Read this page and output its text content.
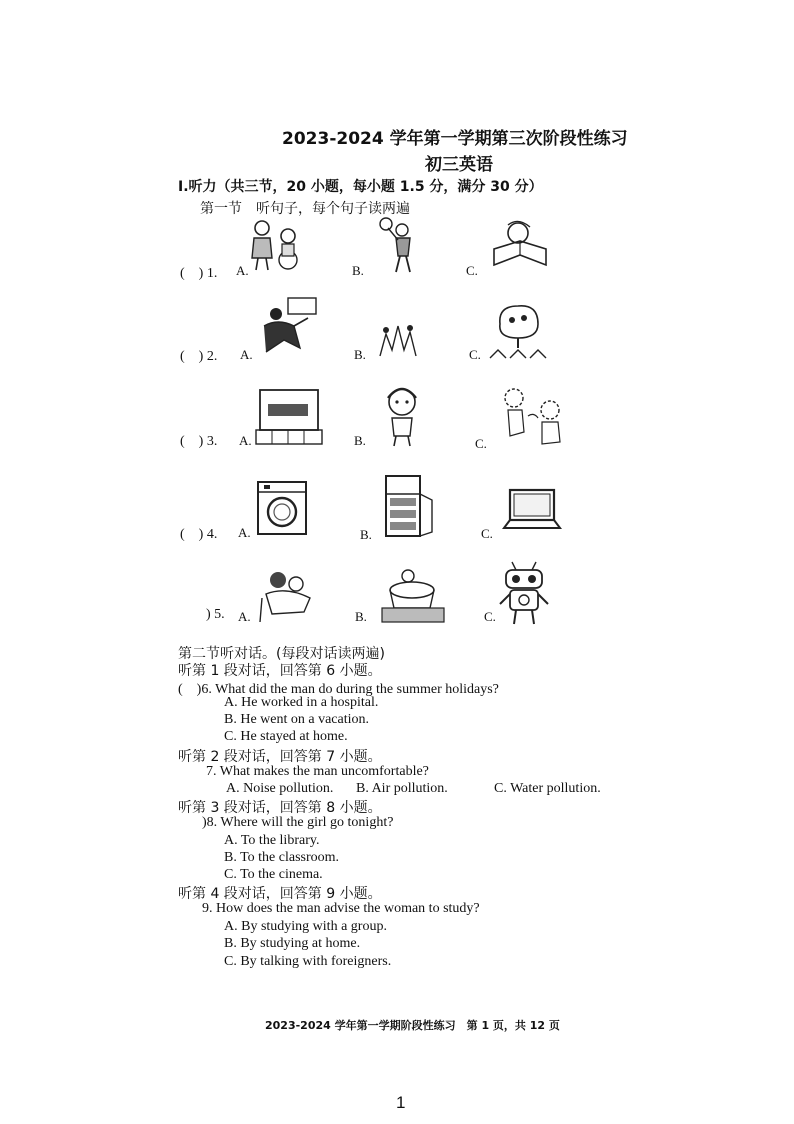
2023-2024 学年第一学期第三次阶段性练习
初三英语
Ⅰ.听力（共三节，20 小题，每小题 1.5 分，满分 30 分）
第一节　听句子，每个句子读两遍
(　) 1. A.	B.	C.
(　) 2. A.	B.	C.
(　) 3. A.	B.	C.
(　) 4. A.	B.	C.
) 5. A.	B.	C.
第二节听对话。(每段对话读两遍)
听第 1 段对话，回答第 6 小题。
(　)6. What did the man do during the summer holidays?
A. He worked in a hospital.
B. He went on a vacation.
C. He stayed at home.
听第 2 段对话，回答第 7 小题。
7. What makes the man uncomfortable?
A. Noise pollution. B. Air pollution.	C. Water pollution.
听第 3 段对话，回答第 8 小题。
)8. Where will the girl go tonight?
A. To the library.
B. To the classroom.
C. To the cinema.
听第 4 段对话，回答第 9 小题。
9. How does the man advise the woman to study?
A. By studying with a group.
B. By studying at home.
C. By talking with foreigners.
2023-2024 学年第一学期阶段性练习　第 1 页，共 12 页
1
